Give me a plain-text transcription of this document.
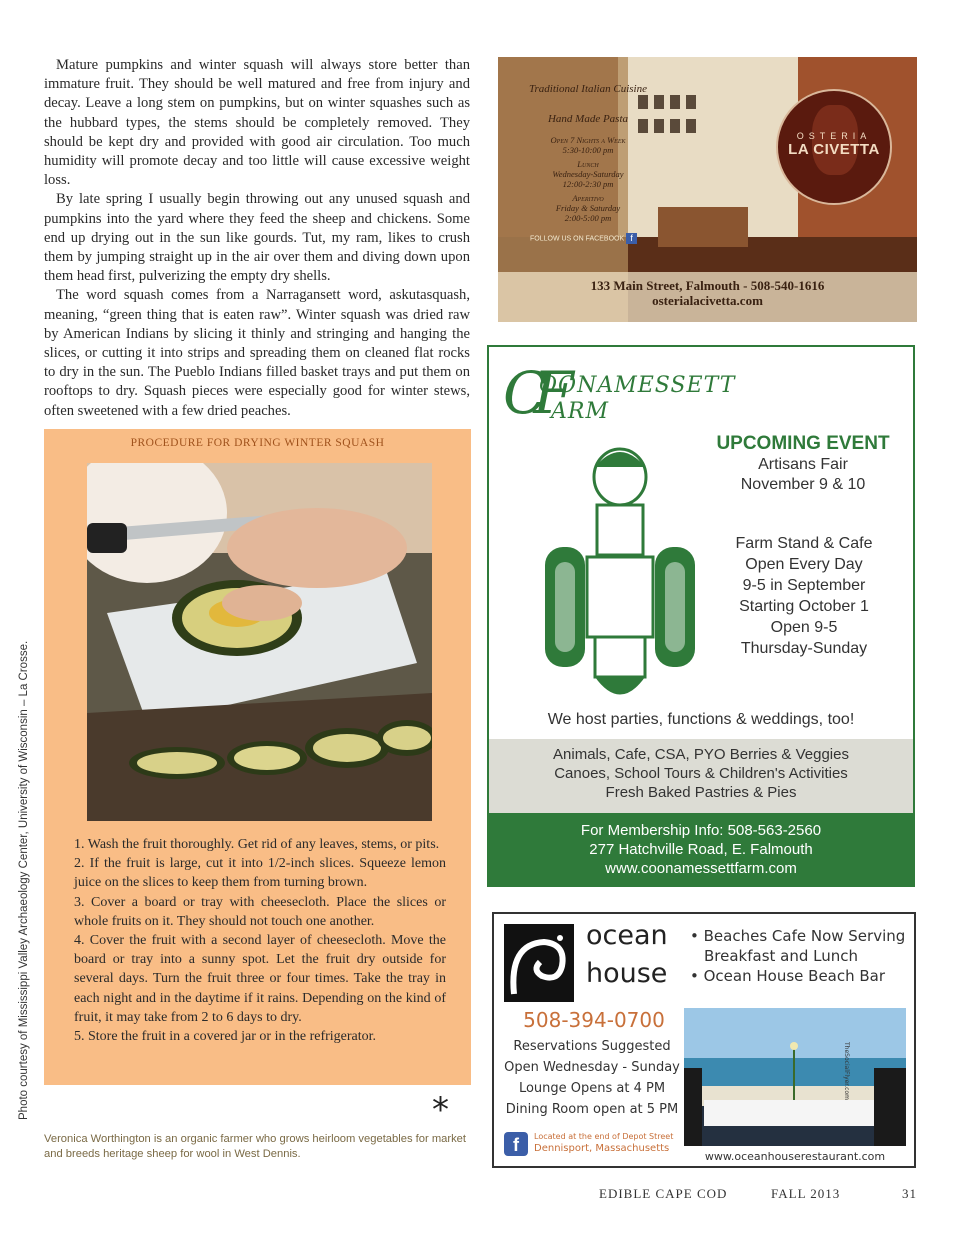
Mature pumpkins and winter squash will always store better than immature fruit. They should be well matured and free from injury and decay. Leave a long stem on pumpkins, but on winter squashes such as the hubbard types, the stems should be completely removed. They should be kept dry and provided with good air circulation. Too much humidity will promote decay and too little will cause excessive weight loss.

By late spring I usually begin throwing out any unused squash and pumpkins into the yard where they feed the sheep and chickens. Some end up drying out in the sun like gourds. Tut, my ram, likes to crush them by jumping straight up in the air over them and diving down upon them head first, pulverizing the empty dry shells.

The word squash comes from a Narragansett word, askutasquash, meaning, “green thing that is eaten raw”. Winter squash was dried raw by American Indians by slicing it thinly and stringing and hanging the slices, or cutting it into strips and spreading them on cleaned flat rocks to dry in the sun. The Pueblo Indians filled basket trays and put them on rooftops to dry. Squash pieces were especially good for winter stews, often sweetened with a few dried peaches.

PROCEDURE FOR DRYING WINTER SQUASH

1. Wash the fruit thoroughly. Get rid of any leaves, stems, or pits.

2. If the fruit is large, cut it into 1/2-inch slices. Squeeze lemon juice on the slices to keep them from turning brown.

3. Cover a board or tray with cheesecloth. Place the slices or whole fruits on it. They should not touch one another.

4. Cover the fruit with a second layer of cheesecloth. Move the board or tray into a sunny spot. Let the fruit dry outside for several days. Turn the fruit three or four times. Take the tray in each night and in the daytime if it rains. Depending on the kind of fruit, it may take from 2 to 6 days to dry.

5. Store the fruit in a covered jar or in the refrigerator.

Photo courtesy of Mississippi Valley Archaeology Center, University of Wisconsin – La Crosse.	*
Veronica Worthington is an organic farmer who grows heirloom vegetables for market and breeds heritage sheep for wool in West Dennis.
EDIBLE CAPE COD	FALL 2013	31
Traditional Italian Cuisine
Hand Made Pasta
Open 7 Nights a Week
5:30-10:00 pm
Lunch
Wednesday-Saturday
12:00-2:30 pm
Aperitivo
Friday & Saturday
2:00-5:00 pm
FOLLOW US ON FACEBOOK f
OSTERIA
LA CIVETTA
133 Main Street, Falmouth - 508-540-1616
osterialacivetta.com
CF
OONAMESSETT
ARM
UPCOMING EVENT
Artisans Fair
November 9 & 10
Farm Stand & Cafe
Open Every Day
9-5 in September
Starting October 1
Open 9-5
Thursday-Sunday
We host parties, functions & weddings, too!
Animals, Cafe, CSA, PYO Berries & Veggies
Canoes, School Tours & Children's Activities
Fresh Baked Pastries & Pies
For Membership Info: 508-563-2560
277 Hatchville Road, E. Falmouth
www.coonamessettfarm.com
ocean
house
• Beaches Cafe Now Serving Breakfast and Lunch
• Ocean House Beach Bar
508-394-0700
Reservations Suggested
Open Wednesday - Sunday
Lounge Opens at 4 PM
Dining Room open at 5 PM
f	Located at the end of Depot Street
Dennisport, Massachusetts
TheSocialFlyer.com
www.oceanhouserestaurant.com
